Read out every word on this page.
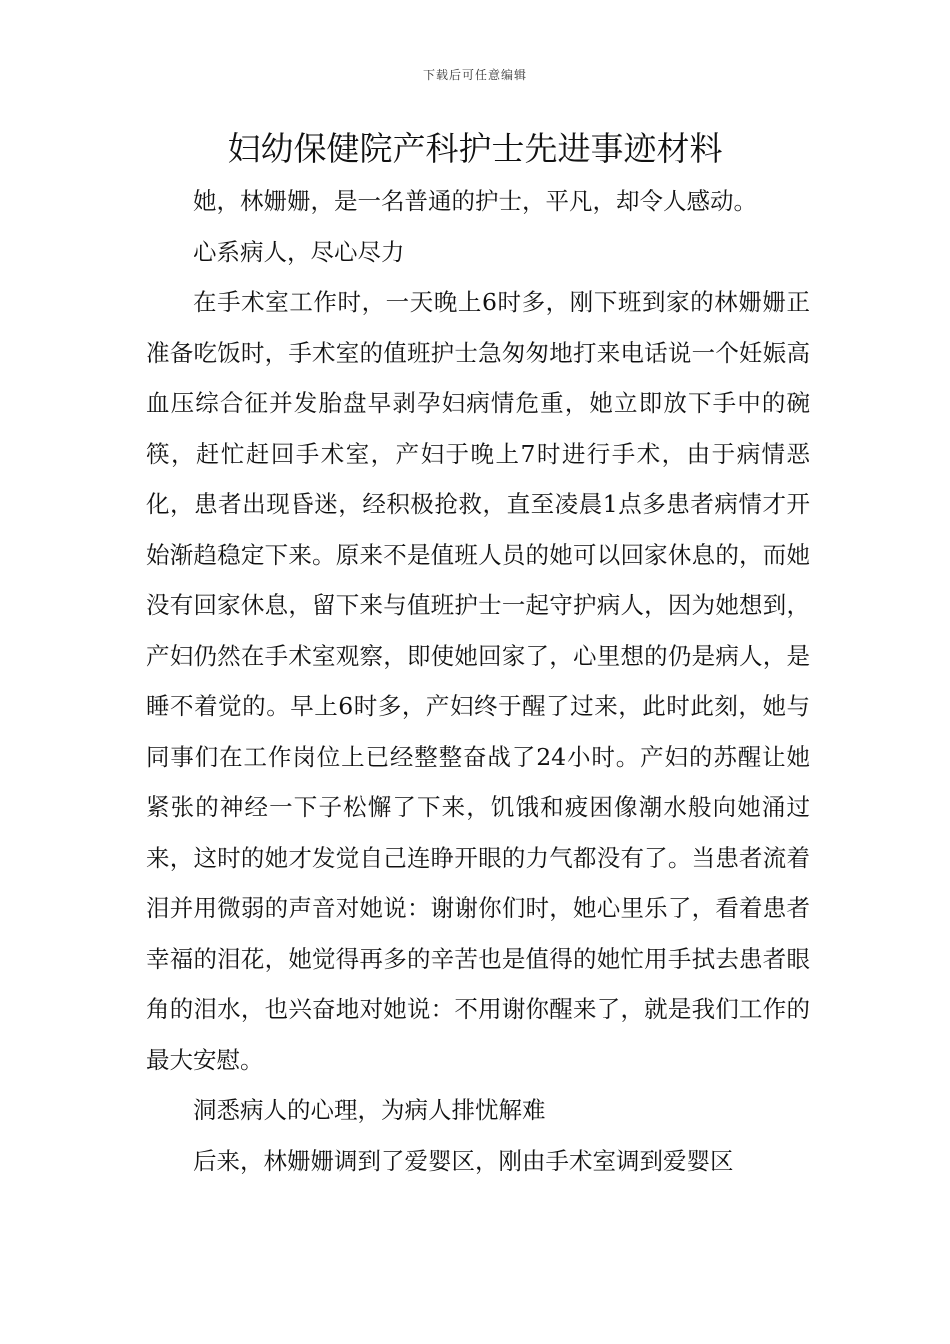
下载后可任意编辑
妇幼保健院产科护士先进事迹材料

她，林姗姗，是一名普通的护士，平凡，却令人感动。

心系病人，尽心尽力

在手术室工作时，一天晚上6时多，刚下班到家的林姗姗正准备吃饭时，手术室的值班护士急匆匆地打来电话说一个妊娠高血压综合征并发胎盘早剥孕妇病情危重，她立即放下手中的碗筷，赶忙赶回手术室，产妇于晚上7时进行手术，由于病情恶化，患者出现昏迷，经积极抢救，直至凌晨1点多患者病情才开始渐趋稳定下来。原来不是值班人员的她可以回家休息的，而她没有回家休息，留下来与值班护士一起守护病人，因为她想到，产妇仍然在手术室观察，即使她回家了，心里想的仍是病人，是睡不着觉的。早上6时多，产妇终于醒了过来，此时此刻，她与同事们在工作岗位上已经整整奋战了24小时。产妇的苏醒让她紧张的神经一下子松懈了下来，饥饿和疲困像潮水般向她涌过来，这时的她才发觉自己连睁开眼的力气都没有了。当患者流着泪并用微弱的声音对她说：谢谢你们时，她心里乐了，看着患者幸福的泪花，她觉得再多的辛苦也是值得的她忙用手拭去患者眼角的泪水，也兴奋地对她说：不用谢你醒来了，就是我们工作的最大安慰。

洞悉病人的心理，为病人排忧解难

后来，林姗姗调到了爱婴区，刚由手术室调到爱婴区
